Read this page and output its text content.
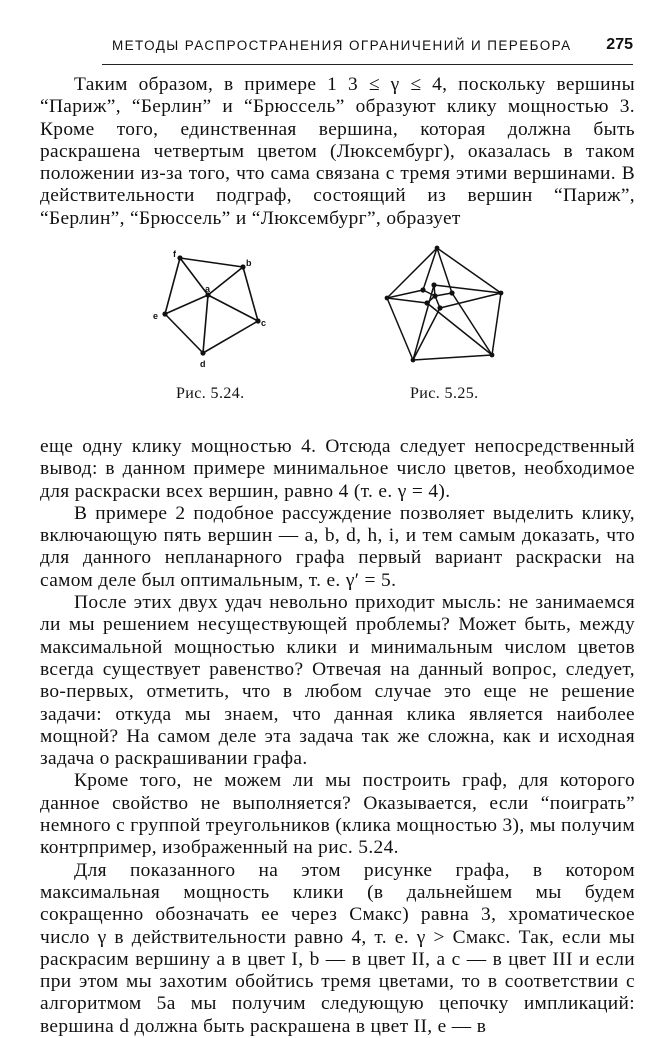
МЕТОДЫ РАСПРОСТРАНЕНИЯ ОГРАНИЧЕНИЙ И ПЕРЕБОРА 275

Таким образом, в примере 1 3 ≤ γ ≤ 4, поскольку вершины “Париж”, “Берлин” и “Брюссель” образуют клику мощностью 3. Кроме того, единственная вершина, которая должна быть раскрашена четвертым цветом (Люксембург), оказалась в таком положении из-за того, что сама связана с тремя этими вершинами. В действительности подграф, состоящий из вершин “Париж”, “Берлин”, “Брюссель” и “Люксембург”, образует

f
b
c
d
e
a
Рис. 5.24.	Рис. 5.25.

еще одну клику мощностью 4. Отсюда следует непосредственный вывод: в данном примере минимальное число цветов, необходимое для раскраски всех вершин, равно 4 (т. е. γ = 4).

В примере 2 подобное рассуждение позволяет выделить клику, включающую пять вершин — a, b, d, h, i, и тем самым доказать, что для данного непланарного графа первый вариант раскраски на самом деле был оптимальным, т. е. γ′ = 5.

После этих двух удач невольно приходит мысль: не занимаемся ли мы решением несуществующей проблемы? Может быть, между максимальной мощностью клики и минимальным числом цветов всегда существует равенство? Отвечая на данный вопрос, следует, во-первых, отметить, что в любом случае это еще не решение задачи: откуда мы знаем, что данная клика является наиболее мощной? На самом деле эта задача так же сложна, как и исходная задача о раскрашивании графа.

Кроме того, не можем ли мы построить граф, для которого данное свойство не выполняется? Оказывается, если “поиграть” немного с группой треугольников (клика мощностью 3), мы получим контрпример, изображенный на рис. 5.24.

Для показанного на этом рисунке графа, в котором максимальная мощность клики (в дальнейшем мы будем сокращенно обозначать ее через Cмакс) равна 3, хроматическое число γ в действительности равно 4, т. е. γ > Cмакс. Так, если мы раскрасим вершину a в цвет I, b — в цвет II, а c — в цвет III и если при этом мы захотим обойтись тремя цветами, то в соответствии с алгоритмом 5а мы получим следующую цепочку импликаций: вершина d должна быть раскрашена в цвет II, e — в
